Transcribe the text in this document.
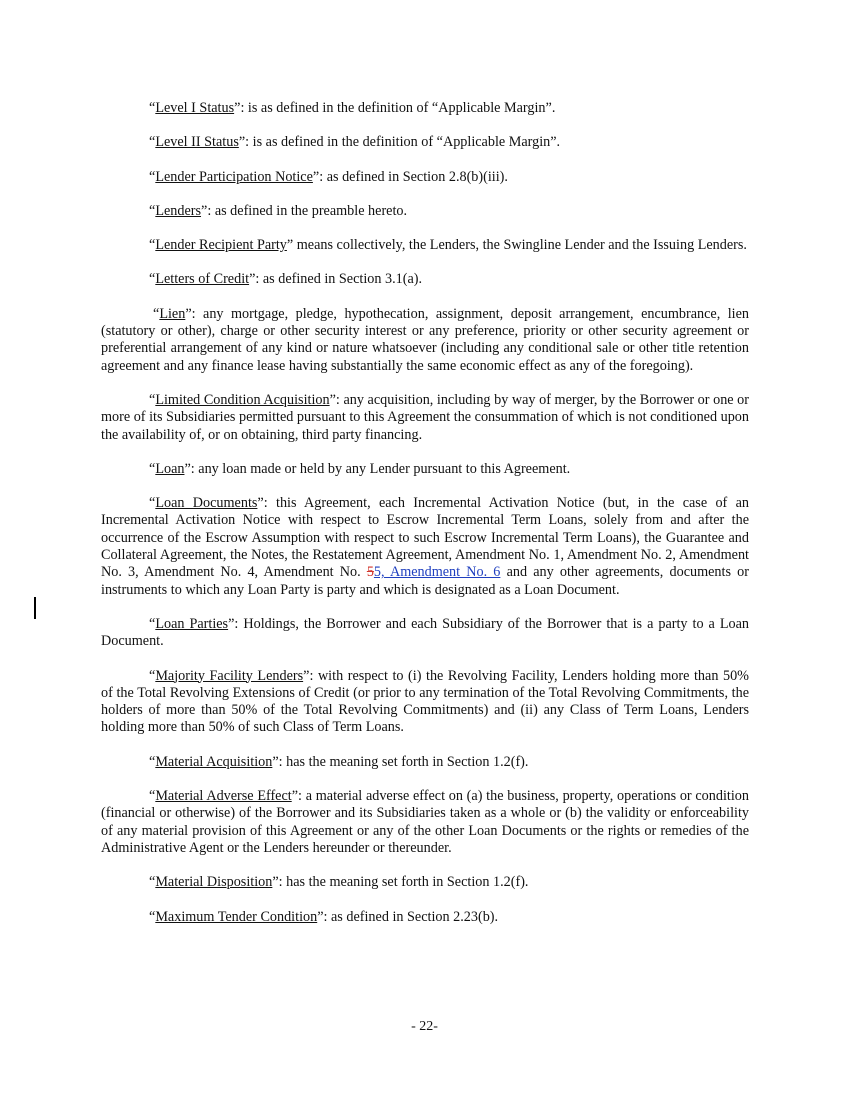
“Level I Status”: is as defined in the definition of “Applicable Margin”.

“Level II Status”: is as defined in the definition of “Applicable Margin”.

“Lender Participation Notice”: as defined in Section 2.8(b)(iii).

“Lenders”: as defined in the preamble hereto.

“Lender Recipient Party” means collectively, the Lenders, the Swingline Lender and the Issuing Lenders.

“Letters of Credit”: as defined in Section 3.1(a).

“Lien”: any mortgage, pledge, hypothecation, assignment, deposit arrangement, encumbrance, lien (statutory or other), charge or other security interest or any preference, priority or other security agreement or preferential arrangement of any kind or nature whatsoever (including any conditional sale or other title retention agreement and any finance lease having substantially the same economic effect as any of the foregoing).

“Limited Condition Acquisition”: any acquisition, including by way of merger, by the Borrower or one or more of its Subsidiaries permitted pursuant to this Agreement the consummation of which is not conditioned upon the availability of, or on obtaining, third party financing.

“Loan”: any loan made or held by any Lender pursuant to this Agreement.

“Loan Documents”: this Agreement, each Incremental Activation Notice (but, in the case of an Incremental Activation Notice with respect to Escrow Incremental Term Loans, solely from and after the occurrence of the Escrow Assumption with respect to such Escrow Incremental Term Loans), the Guarantee and Collateral Agreement, the Notes, the Restatement Agreement, Amendment No. 1, Amendment No. 2, Amendment No. 3, Amendment No. 4, Amendment No. 55, Amendment No. 6 and any other agreements, documents or instruments to which any Loan Party is party and which is designated as a Loan Document.

“Loan Parties”: Holdings, the Borrower and each Subsidiary of the Borrower that is a party to a Loan Document.

“Majority Facility Lenders”: with respect to (i) the Revolving Facility, Lenders holding more than 50% of the Total Revolving Extensions of Credit (or prior to any termination of the Total Revolving Commitments, the holders of more than 50% of the Total Revolving Commitments) and (ii) any Class of Term Loans, Lenders holding more than 50% of such Class of Term Loans.

“Material Acquisition”: has the meaning set forth in Section 1.2(f).

“Material Adverse Effect”: a material adverse effect on (a) the business, property, operations or condition (financial or otherwise) of the Borrower and its Subsidiaries taken as a whole or (b) the validity or enforceability of any material provision of this Agreement or any of the other Loan Documents or the rights or remedies of the Administrative Agent or the Lenders hereunder or thereunder.

“Material Disposition”: has the meaning set forth in Section 1.2(f).

“Maximum Tender Condition”: as defined in Section 2.23(b).

- 22-
